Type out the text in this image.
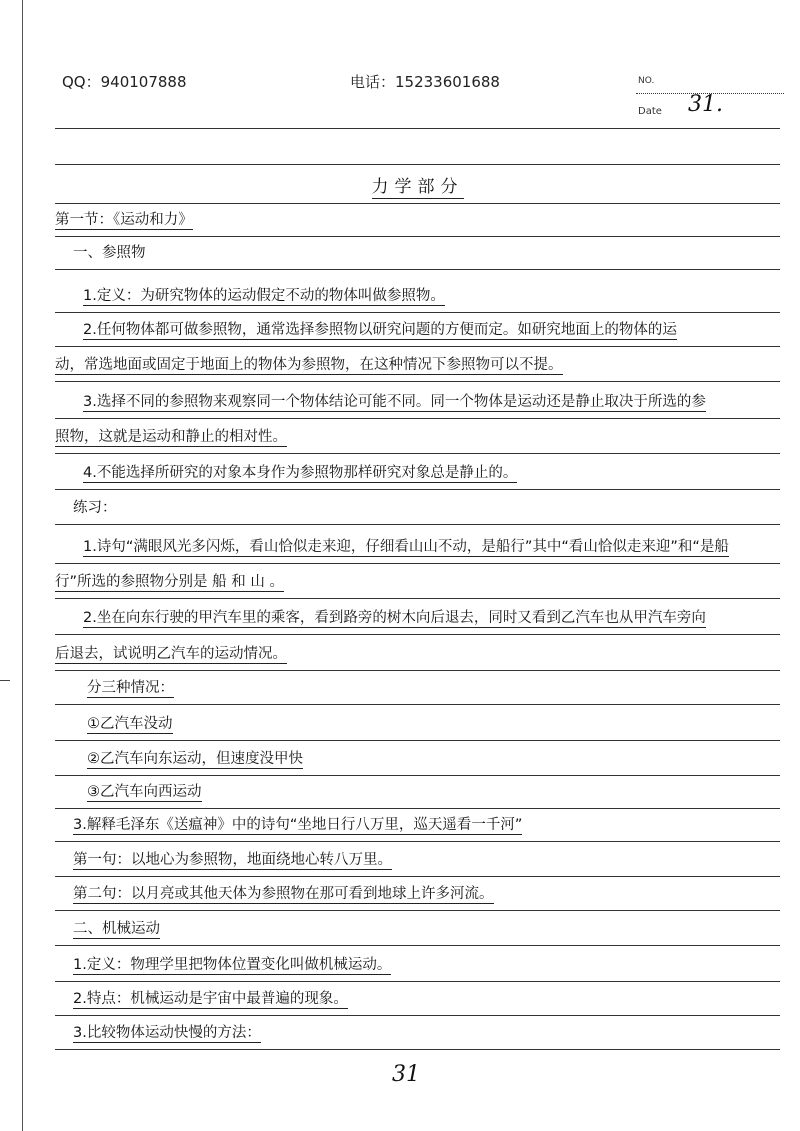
QQ：940107888	电话：15233601688	NO.
31.
Date
力学部分
第一节：《运动和力》
一、参照物
1.定义：为研究物体的运动假定不动的物体叫做参照物。
2.任何物体都可做参照物，通常选择参照物以研究问题的方便而定。如研究地面上的物体的运
动，常选地面或固定于地面上的物体为参照物，在这种情况下参照物可以不提。
3.选择不同的参照物来观察同一个物体结论可能不同。同一个物体是运动还是静止取决于所选的参
照物，这就是运动和静止的相对性。
4.不能选择所研究的对象本身作为参照物那样研究对象总是静止的。
练习：
1.诗句“满眼风光多闪烁，看山恰似走来迎，仔细看山山不动，是船行”其中“看山恰似走来迎”和“是船
行”所选的参照物分别是 船 和 山 。
2.坐在向东行驶的甲汽车里的乘客，看到路旁的树木向后退去，同时又看到乙汽车也从甲汽车旁向
后退去，试说明乙汽车的运动情况。
分三种情况：
①乙汽车没动
②乙汽车向东运动，但速度没甲快
③乙汽车向西运动
3.解释毛泽东《送瘟神》中的诗句“坐地日行八万里，巡天遥看一千河”
第一句：以地心为参照物，地面绕地心转八万里。
第二句：以月亮或其他天体为参照物在那可看到地球上许多河流。
二、机械运动
1.定义：物理学里把物体位置变化叫做机械运动。
2.特点：机械运动是宇宙中最普遍的现象。
3.比较物体运动快慢的方法：
31
